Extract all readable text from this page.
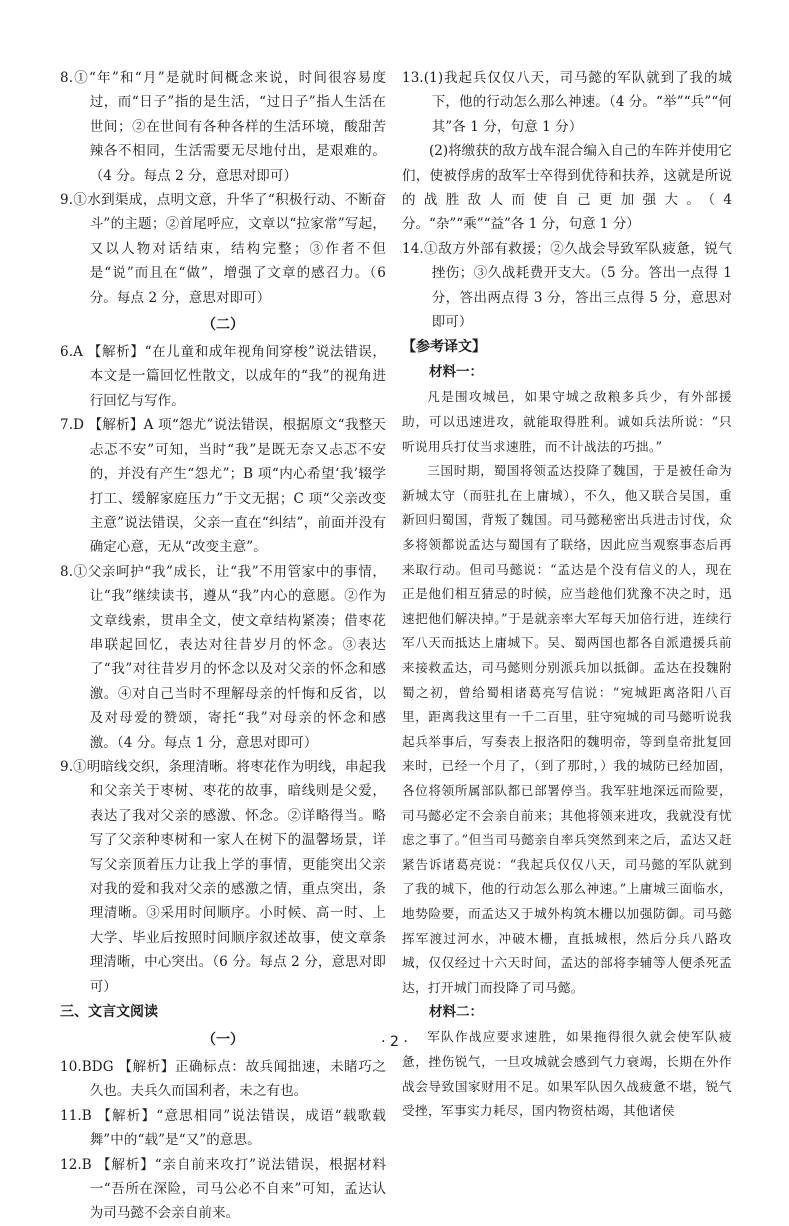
8.①“年”和“月”是就时间概念来说，时间很容易度过，而“日子”指的是生活，“过日子”指人生活在世间；②在世间有各种各样的生活环境，酸甜苦辣各不相同，生活需要无尽地付出，是艰难的。（4 分。每点 2 分，意思对即可）

9.①水到渠成，点明文意，升华了“积极行动、不断奋斗”的主题；②首尾呼应，文章以“拉家常”写起，又以人物对话结束，结构完整；③作者不但是“说”而且在“做”，增强了文章的感召力。（6 分。每点 2 分，意思对即可）

（二）

6.A 【解析】“在儿童和成年视角间穿梭”说法错误，本文是一篇回忆性散文，以成年的“我”的视角进行回忆与写作。

7.D 【解析】A 项“怨尤”说法错误，根据原文“我整天忐忑不安”可知，当时“我”是既无奈又忐忑不安的，并没有产生“怨尤”；B 项“内心希望‘我’辍学打工、缓解家庭压力”于文无据；C 项“父亲改变主意”说法错误，父亲一直在“纠结”，前面并没有确定心意，无从“改变主意”。

8.①父亲呵护“我”成长，让“我”不用管家中的事情，让“我”继续读书，遵从“我”内心的意愿。②作为文章线索，贯串全文，使文章结构紧凑；借枣花串联起回忆，表达对往昔岁月的怀念。③表达了“我”对往昔岁月的怀念以及对父亲的怀念和感激。④对自己当时不理解母亲的忏悔和反省，以及对母爱的赞颂，寄托“我”对母亲的怀念和感激。（4 分。每点 1 分，意思对即可）

9.①明暗线交织，条理清晰。将枣花作为明线，串起我和父亲关于枣树、枣花的故事，暗线则是父爱，表达了我对父亲的感激、怀念。②详略得当。略写了父亲种枣树和一家人在树下的温馨场景，详写父亲顶着压力让我上学的事情，更能突出父亲对我的爱和我对父亲的感激之情，重点突出，条理清晰。③采用时间顺序。小时候、高一时、上大学、毕业后按照时间顺序叙述故事，使文章条理清晰，中心突出。（6 分。每点 2 分，意思对即可）

三、文言文阅读

（一）

10.BDG 【解析】正确标点：故兵闻拙速，未睹巧之久也。夫兵久而国利者，未之有也。

11.B 【解析】“意思相同”说法错误，成语“载歌载舞”中的“载”是“又”的意思。

12.B 【解析】“亲自前来攻打”说法错误，根据材料一“吾所在深险，司马公必不自来”可知，孟达认为司马懿不会亲自前来。

13.(1)我起兵仅仅八天，司马懿的军队就到了我的城下，他的行动怎么那么神速。（4 分。“举”“兵”“何其”各 1 分，句意 1 分）

(2)将缴获的敌方战车混合编入自己的车阵并使用它们，使被俘虏的敌军士卒得到优待和扶养，这就是所说的战胜敌人而使自己更加强大。（4 分。“杂”“乘”“益”各 1 分，句意 1 分）

14.①敌方外部有救援；②久战会导致军队疲惫，锐气挫伤；③久战耗费开支大。（5 分。答出一点得 1 分，答出两点得 3 分，答出三点得 5 分，意思对即可）

【参考译文】

材料一：

凡是围攻城邑，如果守城之敌粮多兵少，有外部援助，可以迅速进攻，就能取得胜利。诚如兵法所说：“只听说用兵打仗当求速胜，而不计战法的巧拙。”

三国时期，蜀国将领孟达投降了魏国，于是被任命为新城太守（而驻扎在上庸城），不久，他又联合吴国，重新回归蜀国，背叛了魏国。司马懿秘密出兵进击讨伐，众多将领都说孟达与蜀国有了联络，因此应当观察事态后再来取行动。但司马懿说：“孟达是个没有信义的人，现在正是他们相互猜忌的时候，应当趁他们犹豫不决之时，迅速把他们解决掉。”于是就亲率大军每天加倍行进，连续行军八天而抵达上庸城下。吴、蜀两国也都各自派遣援兵前来接救孟达，司马懿则分别派兵加以抵御。孟达在投魏附蜀之初，曾给蜀相诸葛亮写信说：“宛城距离洛阳八百里，距离我这里有一千二百里，驻守宛城的司马懿听说我起兵举事后，写奏表上报洛阳的魏明帝，等到皇帝批复回来时，已经一个月了，（到了那时，）我的城防已经加固，各位将领所属部队都已部署停当。我军驻地深远而险要，司马懿必定不会亲自前来；其他将领来进攻，我就没有忧虑之事了。”但当司马懿亲自率兵突然到来之后，孟达又赶紧告诉诸葛亮说：“我起兵仅仅八天，司马懿的军队就到了我的城下，他的行动怎么那么神速。”上庸城三面临水，地势险要，而孟达又于城外构筑木栅以加强防御。司马懿挥军渡过河水，冲破木栅，直抵城根，然后分兵八路攻城，仅仅经过十六天时间，孟达的部将李辅等人便杀死孟达，打开城门而投降了司马懿。

材料二：

军队作战应要求速胜，如果拖得很久就会使军队疲惫，挫伤锐气，一旦攻城就会感到气力衰竭，长期在外作战会导致国家财用不足。如果军队因久战疲惫不堪，锐气受挫，军事实力耗尽，国内物资枯竭，其他诸侯

· 2 ·
